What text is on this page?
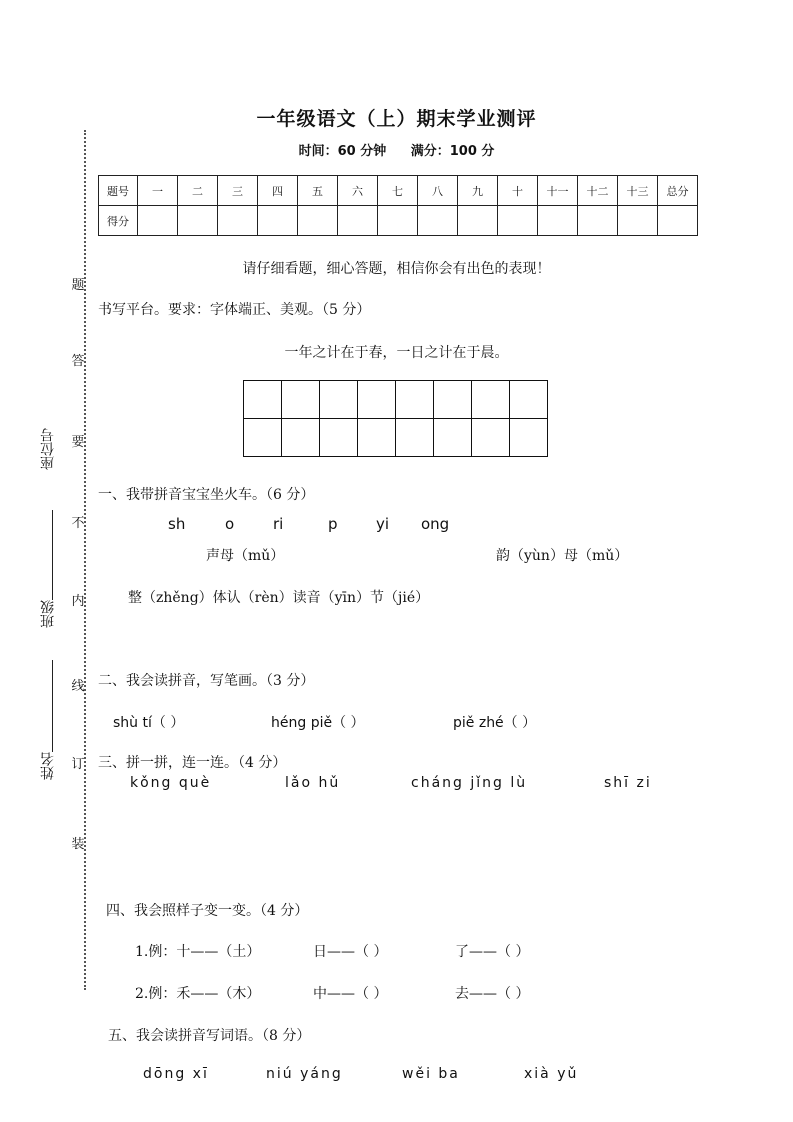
一年级语文（上）期末学业测评
时间：60 分钟 满分：100 分
题号	一	二	三	四	五	六	七	八	九	十	十一	十二	十三	总分
得分														
题
答
要
不
内
线
订
装
座位号
班级
姓名
请仔细看题，细心答题，相信你会有出色的表现！
书写平台。要求：字体端正、美观。（5 分）
一年之计在于春，一日之计在于晨。

一、我带拼音宝宝坐火车。（6 分）
sh	o	ri	p	yi ong
声母（mǔ）	韵（yùn）母（mǔ）
整（zhěng）体认（rèn）读音（yīn）节（jié）
二、我会读拼音，写笔画。（3 分）
shù tí（ ）	héng piě（ ）	piě zhé（ ）
三、拼一拼，连一连。（4 分）
kǒng què	lǎo hǔ	cháng jǐng lù	shī zi
四、我会照样子变一变。（4 分）
1.例：十——（土）	日——（ ）	了——（ ）
2.例：禾——（木）	中——（ ）	去——（ ）
五、我会读拼音写词语。（8 分）
dōng xī	niú yáng	wěi ba	xià yǔ
